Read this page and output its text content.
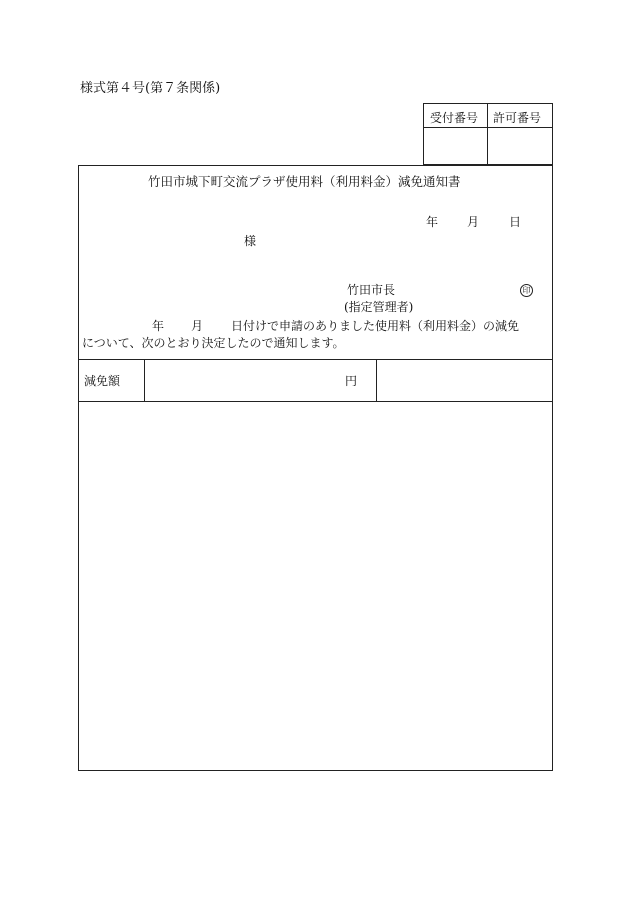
様式第４号(第７条関係)
受付番号 許可番号
竹田市城下町交流プラザ使用料（利用料金）減免通知書
年 月 日
様
竹田市長	印
(指定管理者)
年 月 日付けで申請のありました使用料（利用料金）の減免
について、次のとおり決定したので通知します。
減免額	円
